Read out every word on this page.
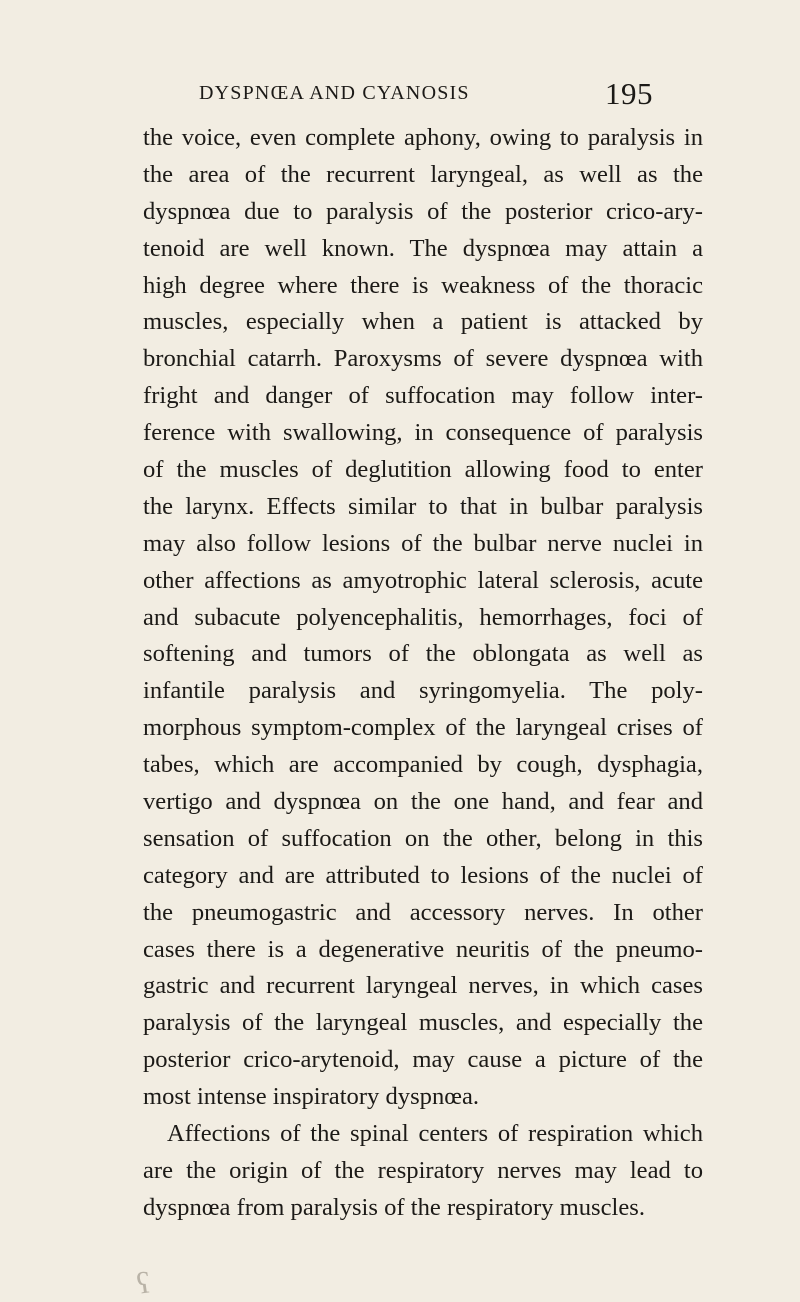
DYSPNŒA AND CYANOSIS	195
the voice, even complete aphony, owing to paralysis in
the area of the recurrent laryngeal, as well as the
dyspnœa due to paralysis of the posterior crico-ary-
tenoid are well known. The dyspnœa may attain a
high degree where there is weakness of the thoracic
muscles, especially when a patient is attacked by
bronchial catarrh. Paroxysms of severe dyspnœa with
fright and danger of suffocation may follow inter-
ference with swallowing, in consequence of paralysis
of the muscles of deglutition allowing food to enter
the larynx. Effects similar to that in bulbar paralysis
may also follow lesions of the bulbar nerve nuclei in
other affections as amyotrophic lateral sclerosis, acute
and subacute polyencephalitis, hemorrhages, foci of
softening and tumors of the oblongata as well as
infantile paralysis and syringomyelia. The poly-
morphous symptom-complex of the laryngeal crises of
tabes, which are accompanied by cough, dysphagia,
vertigo and dyspnœa on the one hand, and fear and
sensation of suffocation on the other, belong in this
category and are attributed to lesions of the nuclei of
the pneumogastric and accessory nerves. In other
cases there is a degenerative neuritis of the pneumo-
gastric and recurrent laryngeal nerves, in which cases
paralysis of the laryngeal muscles, and especially the
posterior crico-arytenoid, may cause a picture of the
most intense inspiratory dyspnœa.
Affections of the spinal centers of respiration which
are the origin of the respiratory nerves may lead to
dyspnœa from paralysis of the respiratory muscles.
ʕ
